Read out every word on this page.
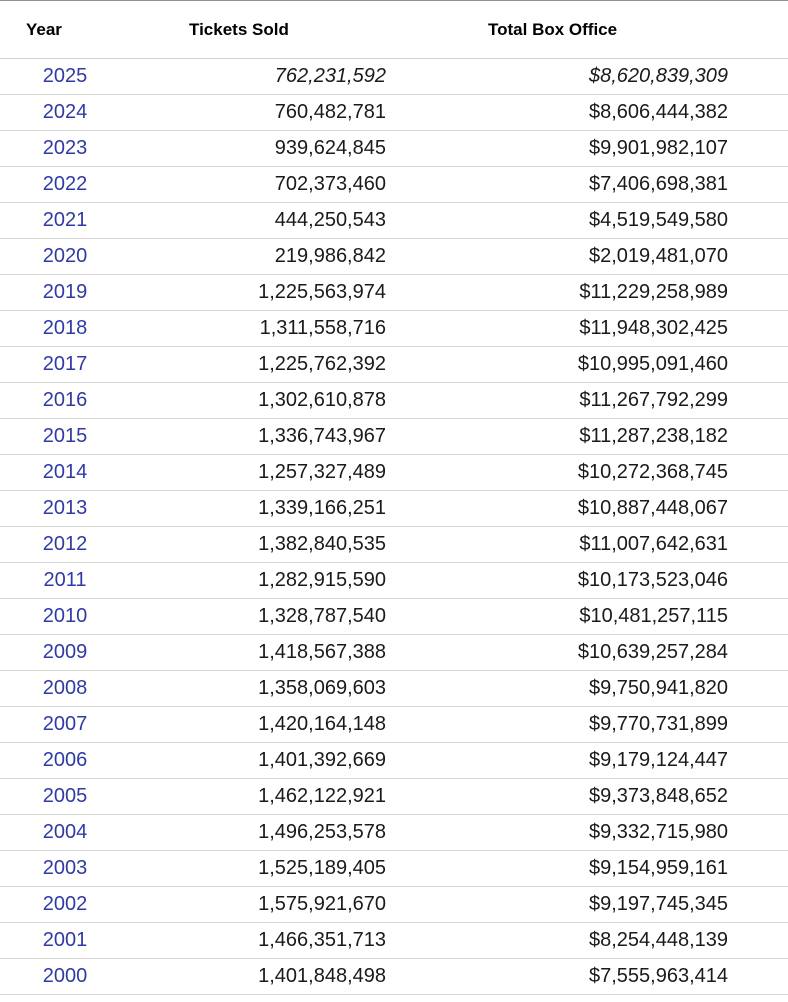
Year	Tickets Sold	Total Box Office	
2025	762,231,592	$8,620,839,309	
2024	760,482,781	$8,606,444,382	
2023	939,624,845	$9,901,982,107	
2022	702,373,460	$7,406,698,381	
2021	444,250,543	$4,519,549,580	
2020	219,986,842	$2,019,481,070	
2019	1,225,563,974	$11,229,258,989	
2018	1,311,558,716	$11,948,302,425	
2017	1,225,762,392	$10,995,091,460	
2016	1,302,610,878	$11,267,792,299	
2015	1,336,743,967	$11,287,238,182	
2014	1,257,327,489	$10,272,368,745	
2013	1,339,166,251	$10,887,448,067	
2012	1,382,840,535	$11,007,642,631	
2011	1,282,915,590	$10,173,523,046	
2010	1,328,787,540	$10,481,257,115	
2009	1,418,567,388	$10,639,257,284	
2008	1,358,069,603	$9,750,941,820	
2007	1,420,164,148	$9,770,731,899	
2006	1,401,392,669	$9,179,124,447	
2005	1,462,122,921	$9,373,848,652	
2004	1,496,253,578	$9,332,715,980	
2003	1,525,189,405	$9,154,959,161	
2002	1,575,921,670	$9,197,745,345	
2001	1,466,351,713	$8,254,448,139	
2000	1,401,848,498	$7,555,963,414	
